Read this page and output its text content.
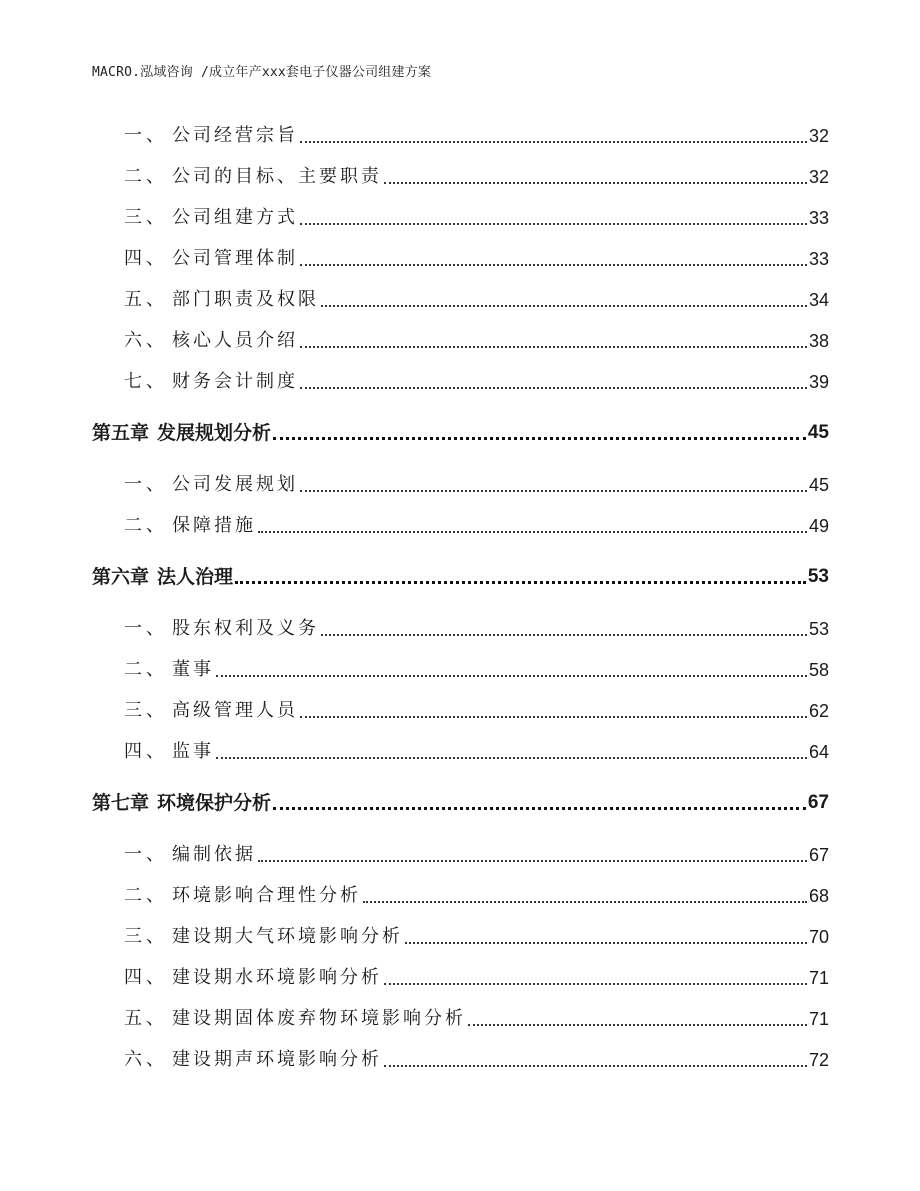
MACRO.泓域咨询 /成立年产xxx套电子仪器公司组建方案
一、 公司经营宗旨	32
二、 公司的目标、主要职责	32
三、 公司组建方式	33
四、 公司管理体制	33
五、 部门职责及权限	34
六、 核心人员介绍	38
七、 财务会计制度	39
第五章 发展规划分析	45
一、 公司发展规划	45
二、 保障措施	49
第六章 法人治理	53
一、 股东权利及义务	53
二、 董事	58
三、 高级管理人员	62
四、 监事	64
第七章 环境保护分析	67
一、 编制依据	67
二、 环境影响合理性分析	68
三、 建设期大气环境影响分析	70
四、 建设期水环境影响分析	71
五、 建设期固体废弃物环境影响分析	71
六、 建设期声环境影响分析	72
